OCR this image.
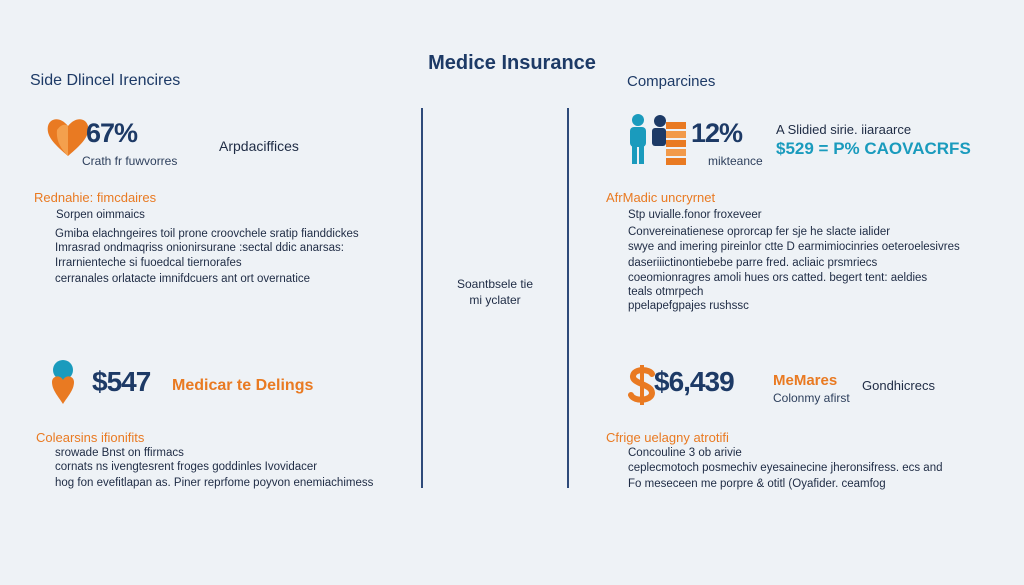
Medice Insurance
Side Dlincel Irencires	Comparcines
67%
Crath fr fuwvorres
Arpdaciffices
Rednahie: fimcdaires
Sorpen oimmaics
Gmiba elachngeires toil prone croovchele sratip fianddickes
Imrasrad ondmaqriss onionirsurane :sectal ddic anarsas:
Irrarnienteche si fuoedcal tiernorafes
cerranales orlatacte imnifdcuers ant ort overnatice
$547 Medicar te Delings
Colearsins ifionifits
srowade Bnst on ffirmacs
cornats ns ivengtesrent froges goddinles Ivovidacer
hog fon evefitlapan as. Piner reprfome poyvon enemiachimess
Soantbsele tie
mi yclater
12%
mikteance
A Slidied sirie. iiaraarce
$529 = P% CAOVACRFS
AfrMadic uncryrnet
Stp uvialle.fonor froxeveer
Convereinatienese oprorcap fer sje he slacte ialider
swye and imering pireinlor ctte D earmimiocinries oeteroelesivres
daseriiictinontiebebe parre fred. acliaic prsmriecs
coeomionragres amoli hues ors catted. begert tent: aeldies
teals otmrpech
ppelapefgpajes rushssc
$6,439	MeMares
Colonmy afirst
Gondhicrecs
Cfrige uelagny atrotifi
Concouline 3 ob arivie
ceplecmotoch posmechiv eyesainecine jheronsifress. ecs and
Fo meseceen me porpre & otitl (Oyafider. ceamfog
